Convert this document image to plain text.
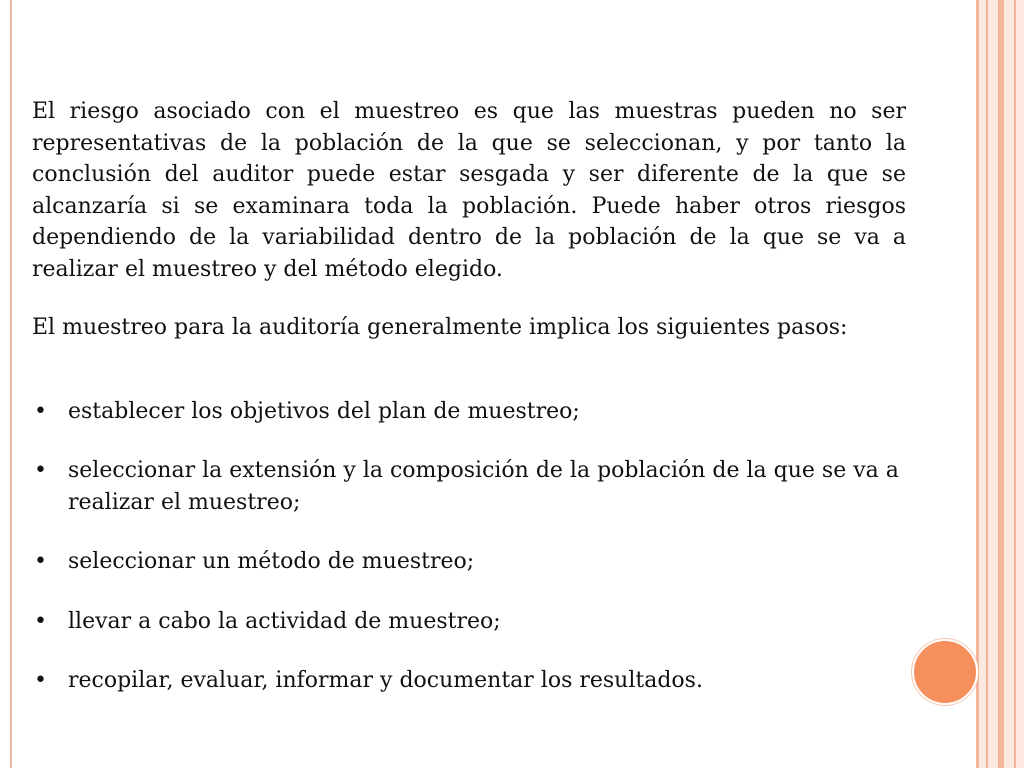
El riesgo asociado con el muestreo es que las muestras pueden no ser representativas de la población de la que se seleccionan, y por tanto la conclusión del auditor puede estar sesgada y ser diferente de la que se alcanzaría si se examinara toda la población. Puede haber otros riesgos dependiendo de la variabilidad dentro de la población de la que se va a realizar el muestreo y del método elegido.

El muestreo para la auditoría generalmente implica los siguientes pasos:

• establecer los objetivos del plan de muestreo;
• seleccionar la extensión y la composición de la población de la que se va a realizar el muestreo;
• seleccionar un método de muestreo;
• llevar a cabo la actividad de muestreo;
• recopilar, evaluar, informar y documentar los resultados.
